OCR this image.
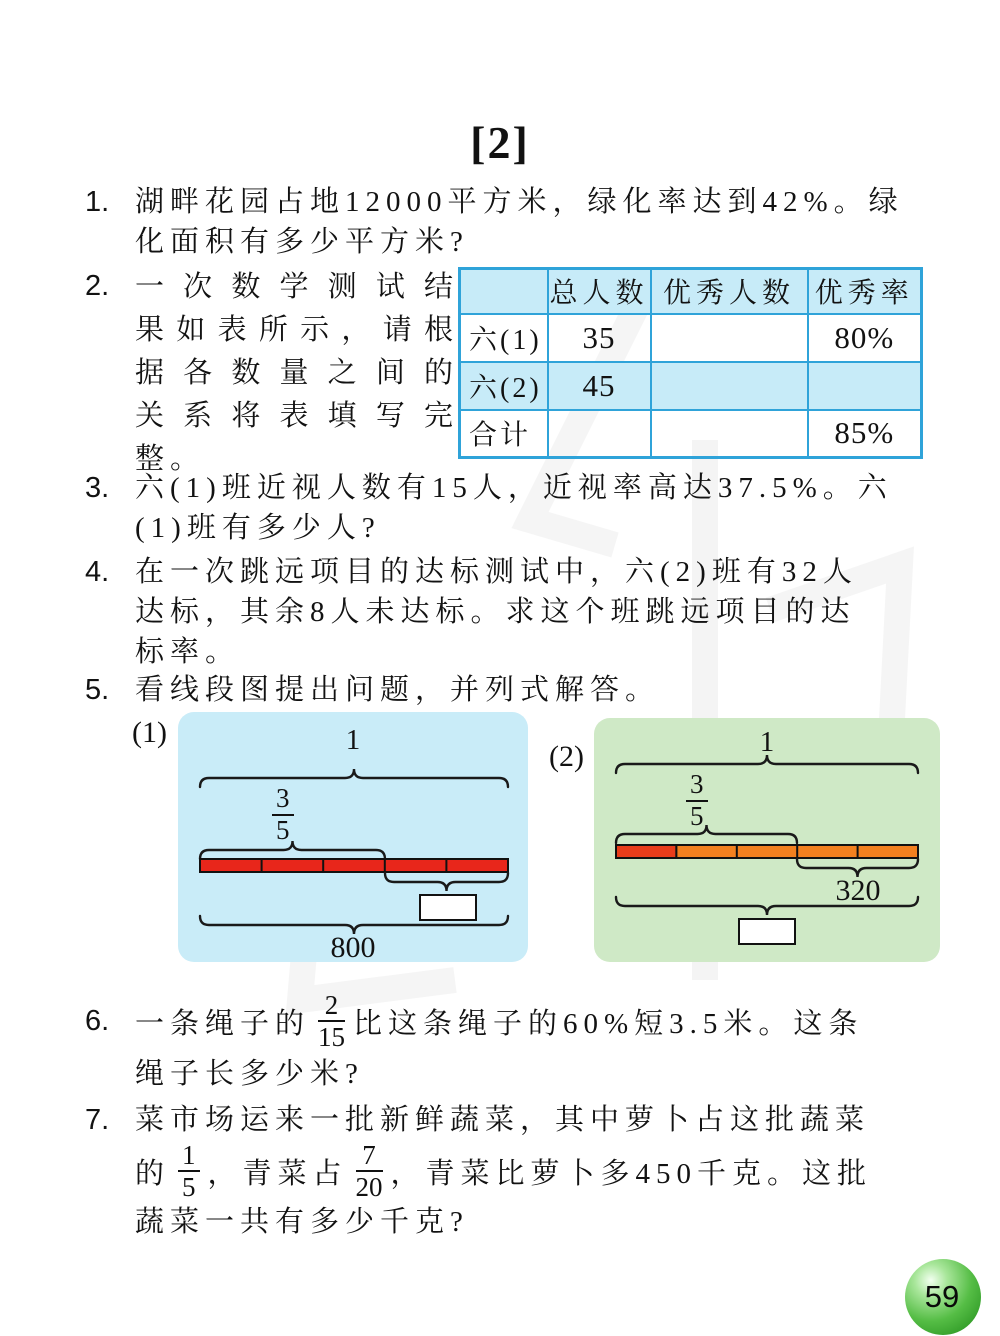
[2]
1. 湖畔花园占地12000平方米，绿化率达到42%。绿
化面积有多少平方米?
2. 一次数学测试结
果如表所示，请根
据各数量之间的
关系将表填写完
整。
	总人数	优秀人数	优秀率
六(1)	35		80%
六(2)	45		
合计			85%
3. 六(1)班近视人数有15人，近视率高达37.5%。六
(1)班有多少人?
4. 在一次跳远项目的达标测试中，六(2)班有32人
达标，其余8人未达标。求这个班跳远项目的达
标率。
5. 看线段图提出问题，并列式解答。
(1)	1
$\frac{3}{5}$
800
(2)	1
$\frac{3}{5}$
320
6. 一条绳子的 $\frac{2}{15}$ 比这条绳子的60%短3.5米。这条
绳子长多少米?
7. 菜市场运来一批新鲜蔬菜，其中萝卜占这批蔬菜
的 $\frac{1}{5}$ ，青菜占 $\frac{7}{20}$ ，青菜比萝卜多450千克。这批
蔬菜一共有多少千克?
59
